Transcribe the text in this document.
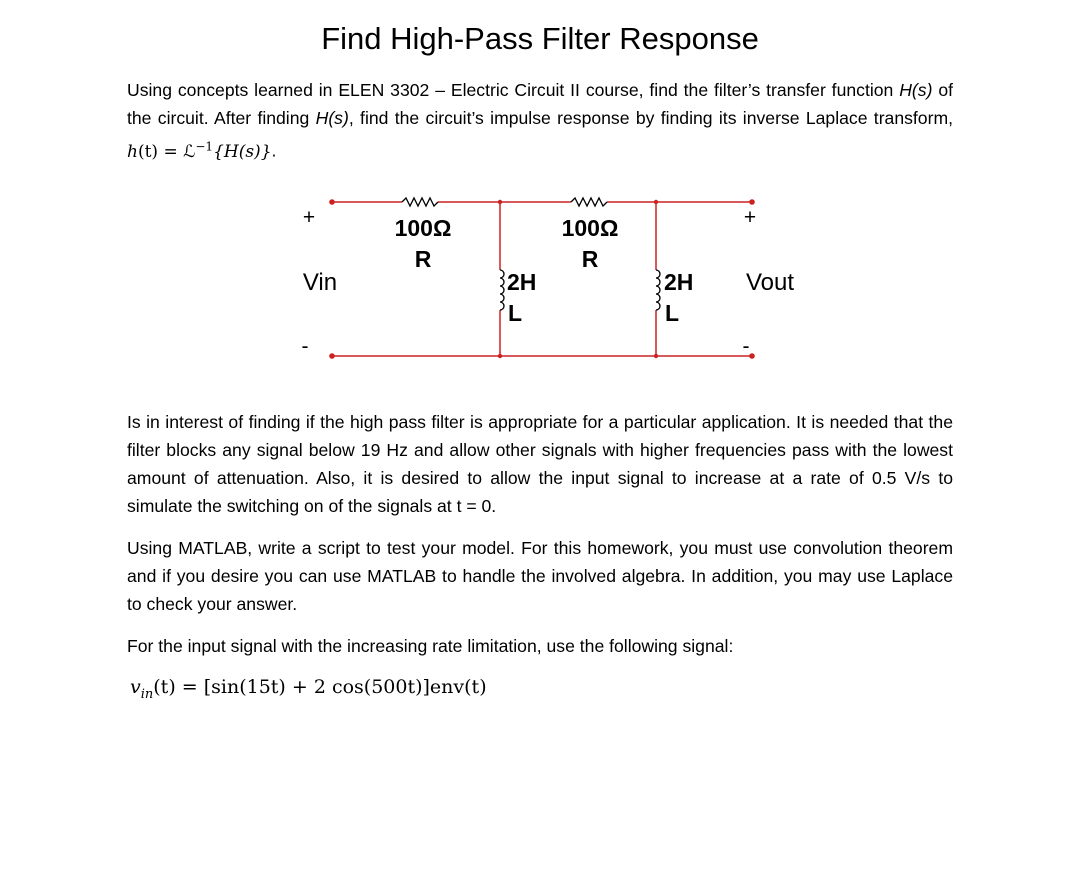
Find High-Pass Filter Response

Using concepts learned in ELEN 3302 – Electric Circuit II course, find the filter’s transfer function H(s) of the circuit. After finding H(s), find the circuit’s impulse response by finding its inverse Laplace transform, h(t) = ℒ$^{-1}${H(s)}.

+
Vin
-
+
Vout
-
100Ω
R
100Ω
R
2H
L
2H
L
Is in interest of finding if the high pass filter is appropriate for a particular application. It is needed that the filter blocks any signal below 19 Hz and allow other signals with higher frequencies pass with the lowest amount of attenuation. Also, it is desired to allow the input signal to increase at a rate of 0.5 V/s to simulate the switching on of the signals at t = 0.
Using MATLAB, write a script to test your model. For this homework, you must use convolution theorem and if you desire you can use MATLAB to handle the involved algebra. In addition, you may use Laplace to check your answer.
For the input signal with the increasing rate limitation, use the following signal:
$v_{in}(t) = [\sin(15t) + 2$ cos(500t)]env(t)
